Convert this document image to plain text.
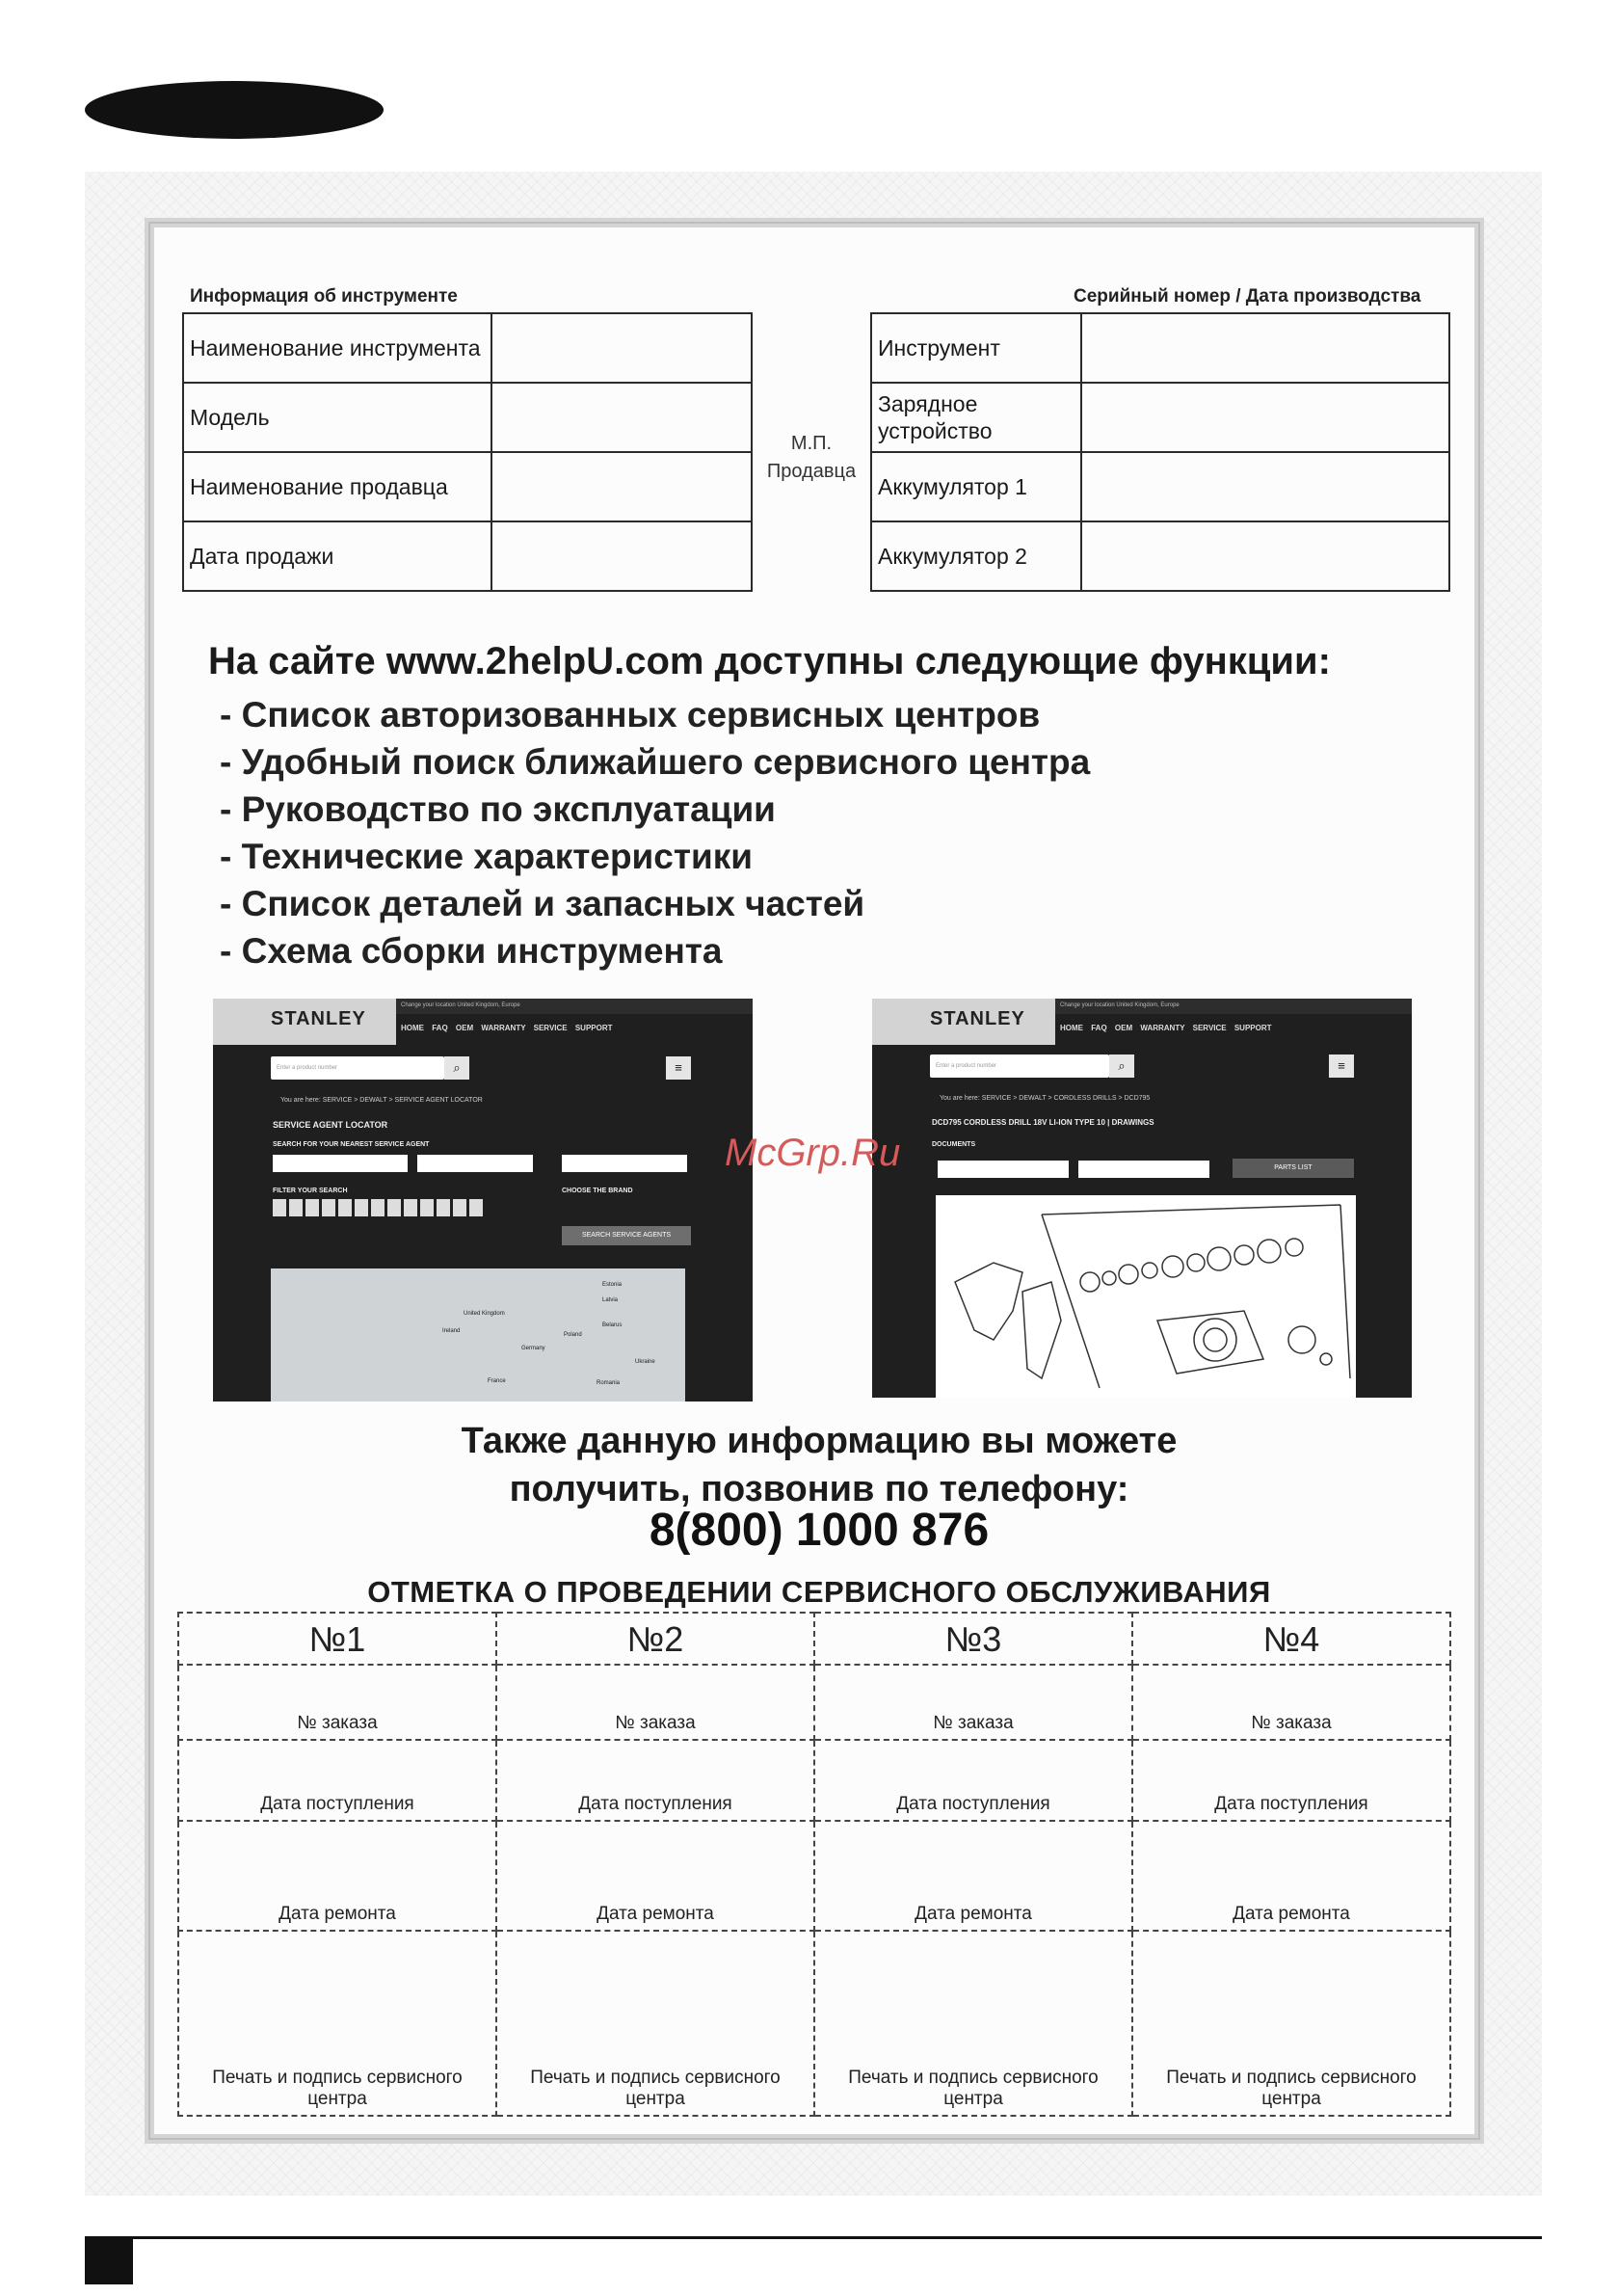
Информация об инструменте	Серийный номер / Дата производства
Наименование инструмента	
Модель	
Наименование продавца	
Дата продажи	
М.П.
Продавца
Инструмент	
Зарядное устройство	
Аккумулятор 1	
Аккумулятор 2	
На сайте www.2helpU.com доступны следующие функции:
- Список авторизованных сервисных центров
- Удобный поиск ближайшего сервисного центра
- Руководство по эксплуатации
- Технические характеристики
- Список деталей и запасных частей
- Схема сборки инструмента
STANLEY
Change your location United Kingdom, Europe
HOME FAQ OEM WARRANTY SERVICE SUPPORT
Enter a product number	⌕	≡
You are here: SERVICE > DEWALT > SERVICE AGENT LOCATOR
SERVICE AGENT LOCATOR
SEARCH FOR YOUR NEAREST SERVICE AGENT
FILTER YOUR SEARCH	CHOOSE THE BRAND
SEARCH SERVICE AGENTS
Estonia
Latvia
Belarus
Poland
Germany
Ukraine
France	Romania
Ireland
United Kingdom
STANLEY
Change your location United Kingdom, Europe
HOME FAQ OEM WARRANTY SERVICE SUPPORT
Enter a product number	⌕	≡
You are here: SERVICE > DEWALT > CORDLESS DRILLS > DCD795
DCD795 CORDLESS DRILL 18V LI-ION TYPE 10 | DRAWINGS
DOCUMENTS
PARTS LIST
McGrp.Ru
Также данную информацию вы можете
получить, позвонив по телефону:
8(800) 1000 876
ОТМЕТКА О ПРОВЕДЕНИИ СЕРВИСНОГО ОБСЛУЖИВАНИЯ
№1	№2	№3	№4
№ заказа	№ заказа	№ заказа	№ заказа
Дата поступления	Дата поступления	Дата поступления	Дата поступления
Дата ремонта	Дата ремонта	Дата ремонта	Дата ремонта
Печать и подпись сервисного центра	Печать и подпись сервисного центра	Печать и подпись сервисного центра	Печать и подпись сервисного центра
